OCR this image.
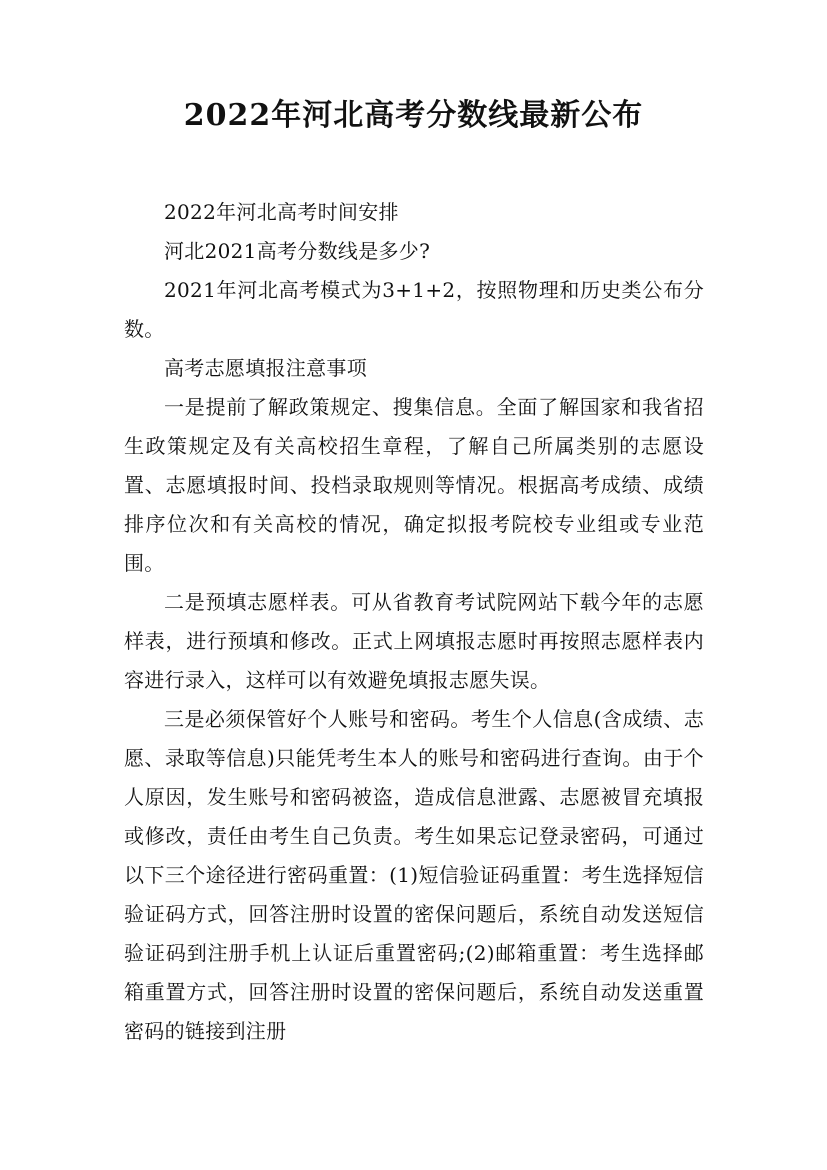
2022年河北高考分数线最新公布

2022年河北高考时间安排

河北2021高考分数线是多少?

2021年河北高考模式为3+1+2，按照物理和历史类公布分数。

高考志愿填报注意事项

一是提前了解政策规定、搜集信息。全面了解国家和我省招生政策规定及有关高校招生章程，了解自己所属类别的志愿设置、志愿填报时间、投档录取规则等情况。根据高考成绩、成绩排序位次和有关高校的情况，确定拟报考院校专业组或专业范围。

二是预填志愿样表。可从省教育考试院网站下载今年的志愿样表，进行预填和修改。正式上网填报志愿时再按照志愿样表内容进行录入，这样可以有效避免填报志愿失误。

三是必须保管好个人账号和密码。考生个人信息(含成绩、志愿、录取等信息)只能凭考生本人的账号和密码进行查询。由于个人原因，发生账号和密码被盗，造成信息泄露、志愿被冒充填报或修改，责任由考生自己负责。考生如果忘记登录密码，可通过以下三个途径进行密码重置：(1)短信验证码重置：考生选择短信验证码方式，回答注册时设置的密保问题后，系统自动发送短信验证码到注册手机上认证后重置密码;(2)邮箱重置：考生选择邮箱重置方式，回答注册时设置的密保问题后，系统自动发送重置密码的链接到注册
